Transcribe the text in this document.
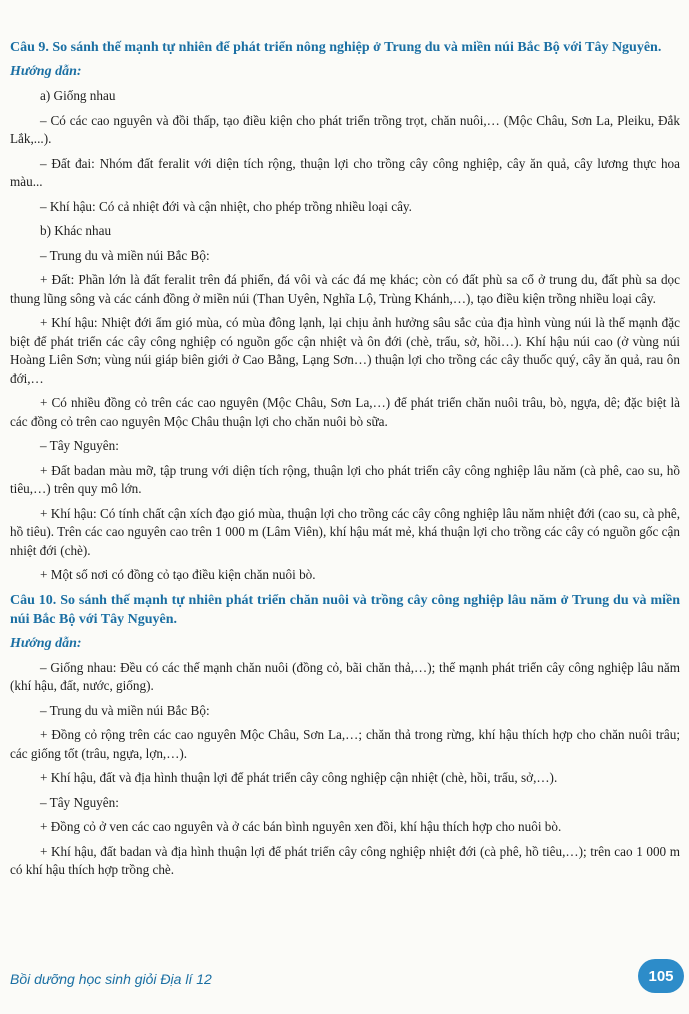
Câu 9. So sánh thế mạnh tự nhiên để phát triển nông nghiệp ở Trung du và miền núi Bắc Bộ với Tây Nguyên.
Hướng dẫn:
a) Giống nhau
– Có các cao nguyên và đồi thấp, tạo điều kiện cho phát triển trồng trọt, chăn nuôi,… (Mộc Châu, Sơn La, Pleiku, Đắk Lắk,...).
– Đất đai: Nhóm đất feralit với diện tích rộng, thuận lợi cho trồng cây công nghiệp, cây ăn quả, cây lương thực hoa màu...
– Khí hậu: Có cả nhiệt đới và cận nhiệt, cho phép trồng nhiều loại cây.
b) Khác nhau
– Trung du và miền núi Bắc Bộ:
+ Đất: Phần lớn là đất feralit trên đá phiến, đá vôi và các đá mẹ khác; còn có đất phù sa cổ ở trung du, đất phù sa dọc thung lũng sông và các cánh đồng ở miền núi (Than Uyên, Nghĩa Lộ, Trùng Khánh,…), tạo điều kiện trồng nhiều loại cây.
+ Khí hậu: Nhiệt đới ẩm gió mùa, có mùa đông lạnh, lại chịu ảnh hưởng sâu sắc của địa hình vùng núi là thế mạnh đặc biệt để phát triển các cây công nghiệp có nguồn gốc cận nhiệt và ôn đới (chè, trẩu, sở, hồi…). Khí hậu núi cao (ở vùng núi Hoàng Liên Sơn; vùng núi giáp biên giới ở Cao Bằng, Lạng Sơn…) thuận lợi cho trồng các cây thuốc quý, cây ăn quả, rau ôn đới,…
+ Có nhiều đồng cỏ trên các cao nguyên (Mộc Châu, Sơn La,…) để phát triển chăn nuôi trâu, bò, ngựa, dê; đặc biệt là các đồng cỏ trên cao nguyên Mộc Châu thuận lợi cho chăn nuôi bò sữa.
– Tây Nguyên:
+ Đất badan màu mỡ, tập trung với diện tích rộng, thuận lợi cho phát triển cây công nghiệp lâu năm (cà phê, cao su, hồ tiêu,…) trên quy mô lớn.
+ Khí hậu: Có tính chất cận xích đạo gió mùa, thuận lợi cho trồng các cây công nghiệp lâu năm nhiệt đới (cao su, cà phê, hồ tiêu). Trên các cao nguyên cao trên 1 000 m (Lâm Viên), khí hậu mát mẻ, khá thuận lợi cho trồng các cây có nguồn gốc cận nhiệt đới (chè).
+ Một số nơi có đồng cỏ tạo điều kiện chăn nuôi bò.
Câu 10. So sánh thế mạnh tự nhiên phát triển chăn nuôi và trồng cây công nghiệp lâu năm ở Trung du và miền núi Bắc Bộ với Tây Nguyên.
Hướng dẫn:
– Giống nhau: Đều có các thế mạnh chăn nuôi (đồng cỏ, bãi chăn thả,…); thế mạnh phát triển cây công nghiệp lâu năm (khí hậu, đất, nước, giống).
– Trung du và miền núi Bắc Bộ:
+ Đồng cỏ rộng trên các cao nguyên Mộc Châu, Sơn La,…; chăn thả trong rừng, khí hậu thích hợp cho chăn nuôi trâu; các giống tốt (trâu, ngựa, lợn,…).
+ Khí hậu, đất và địa hình thuận lợi để phát triển cây công nghiệp cận nhiệt (chè, hồi, trẩu, sở,…).
– Tây Nguyên:
+ Đồng cỏ ở ven các cao nguyên và ở các bán bình nguyên xen đồi, khí hậu thích hợp cho nuôi bò.
+ Khí hậu, đất badan và địa hình thuận lợi để phát triển cây công nghiệp nhiệt đới (cà phê, hồ tiêu,…); trên cao 1 000 m có khí hậu thích hợp trồng chè.
Bồi dưỡng học sinh giỏi Địa lí 12	105
